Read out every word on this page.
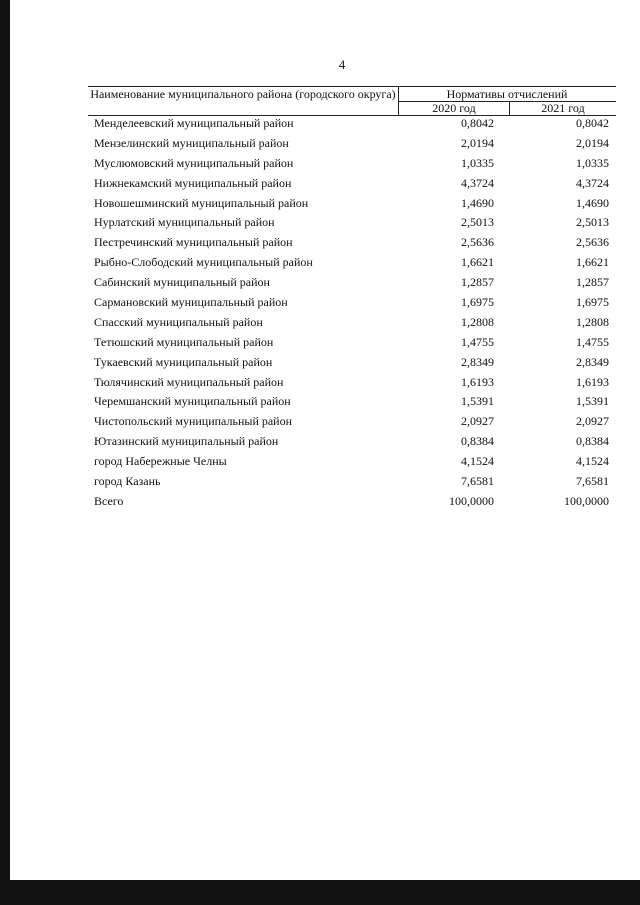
4
Наименование муниципального района (городского округа)	Нормативы отчислений
2020 год	2021 год
Менделеевский муниципальный район	0,8042	0,8042
Мензелинский муниципальный район	2,0194	2,0194
Муслюмовский муниципальный район	1,0335	1,0335
Нижнекамский муниципальный район	4,3724	4,3724
Новошешминский муниципальный район	1,4690	1,4690
Нурлатский муниципальный район	2,5013	2,5013
Пестречинский муниципальный район	2,5636	2,5636
Рыбно-Слободский муниципальный район	1,6621	1,6621
Сабинский муниципальный район	1,2857	1,2857
Сармановский муниципальный район	1,6975	1,6975
Спасский муниципальный район	1,2808	1,2808
Тетюшский муниципальный район	1,4755	1,4755
Тукаевский муниципальный район	2,8349	2,8349
Тюлячинский муниципальный район	1,6193	1,6193
Черемшанский муниципальный район	1,5391	1,5391
Чистопольский муниципальный район	2,0927	2,0927
Ютазинский муниципальный район	0,8384	0,8384
город Набережные Челны	4,1524	4,1524
город Казань	7,6581	7,6581
Всего	100,0000	100,0000
